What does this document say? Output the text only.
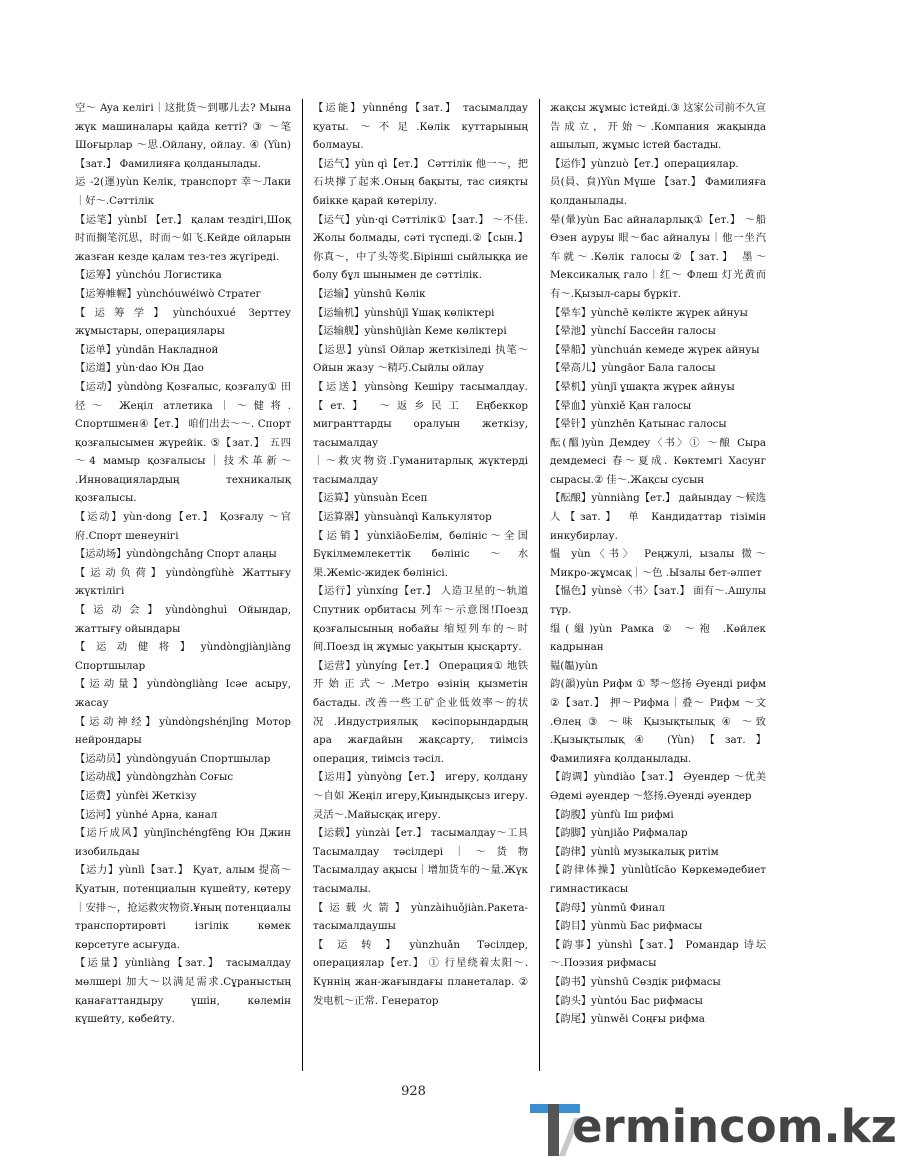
空～ Aya келігі｜这批货～到哪儿去? Мына жүк машиналары қайда кетті? ③ ～笔 Шоғырлар ～思.Ойлану, ойлау. ④ (Yùn) 【зат.】 Фамилияға қолданылады.

运 -2(運)yùn Келік, транспорт 幸～Лаки｜好～.Сәттілік

【运笔】yùnbǐ 【ет.】 қалам тездігі,Шоқ 时而搁笔沉思，时而～如飞.Кейде ойларын жазған кезде қалам тез-тез жүгіреді.

【运筹】yùnchóu Логистика

【运筹帷幄】yùnchóuwéiwò Стратег

【运筹学】yùnchóuxué Зерттеу жұмыстары, операциялары

【运单】yùndān Накладной

【运道】yùn·dao Юн Дао

【运动】yùndòng Қозғалыс, қозғалу① 田径～ Жеңіл атлетика｜～健将. Спортшмен④【ет.】 咱们出去～～. Спорт қозғалысымен жүрейік. ⑤【зат.】 五四～4 мамыр қозғалысы｜技术革新～ .Инновациялардың техникалық қозғалысы.

【运动】yùn·dong【ет.】 Қозғалу ～官府.Спорт шенеунігі

【运动场】yùndòngchǎng Спорт алаңы

【运动负荷】yùndòngfùhè Жаттығу жүктілігі

【运动会】yùndònghuì Ойындар, жаттығу ойындары

【运动健将】yùndòngjiànjiàng Спортшылар

【运动量】yùndòngliàng Ісәе асыру, жасау

【运动神经】yùndòngshénjīng Мотор нейрондары

【运动员】yùndòngyuán Спортшылар

【运动战】yùndòngzhàn Соғыс

【运费】yùnfèi Жеткізу

【运河】yùnhé Арна, канал

【运斤成风】yùnjīnchéngfēng Юн Джин изобильдаы

【运力】yùnlì【зат.】 Қуат, алым 提高～ Қуатын, потенциалын күшейту, көтеру｜安排～，抢运救灾物资.¥ның потенциалы транспортировті ізгілік көмек көрсетуге асығуда.

【运量】yùnliàng【зат.】 тасымалдау мөлшері 加大～以满足需求.Сұраныстың қанағаттандыру үшін, көлемін күшейту, көбейту.

【运能】yùnnéng【зат.】 тасымалдау қуаты. ～不足.Көлік куттарының болмауы.

【运气】yùn qì【ет.】 Сәттілік 他一～，把石块撑了起来.Оның бақыты, тас сияқты биікке қарай көтерілу.

【运气】yùn·qi Сәттілік①【зат.】 ～不佳. Жолы болмады, сәті түспеді.②【сын.】 你真～，中了头等奖.Бірінші сыйлыққа ие болу бұл шынымен де сәттілік.

【运输】yùnshū Көлік

【运输机】yùnshūjī Ұшақ көліктері

【运输舰】yùnshūjiàn Кеме көліктері

【运思】yùnsī Ойлар жеткізіледі 执笔～ Ойын жазу ～精巧.Сыйлы ойлау

【运送】yùnsòng Кешіру тасымалдау.【ет.】 ～返乡民工 Еңбеккор мигранттарды оралуын жеткізу, тасымалдау

｜～救灾物资.Гуманитарлық жүктерді тасымалдау

【运算】yùnsuàn Есеп

【运算器】yùnsuànqì Калькулятор

【运销】yùnxiāoБелім, бөлініс～全国 Бүкілмемлекеттік бөлініс ～水果.Жеміс-жидек бөлінісі.

【运行】yùnxíng【ет.】 人造卫星的～轨道 Спутник орбитасы 列车～示意图!Поезд қозғалысының нобайы 缩短列车的～时间.Поезд ің жұмыс уақытын қысқарту.

【运营】yùnyíng【ет.】 Операция① 地铁开始正式～.Метро өзінің қызметін бастады. 改善一些工矿企业低效率～的状况.Индустриялық кәсіпорындардың ара жағдайын жақсарту, тиімсіз операция, тиімсіз тәсіл.

【运用】yùnyòng【ет.】 игеру, қолдану ～自如 Жеңіл игеру,Қиындықсыз игеру. 灵活～.Майысқақ игеру.

【运载】yùnzài【ет.】 тасымалдау～工具 Тасымалдау тәсілдері｜～货物 Тасымалдау ақысы｜增加货车的～量.Жүк тасымалы.

【运载火箭】yùnzàihuǒjiàn.Ракета-тасымалдаушы

【运转】yùnzhuǎn Тәсілдер, операциялар【ет.】 ① 行星绕着太阳～. Күннің жан-жағындағы планеталар. ②发电机～正常. Генератор

жақсы жұмыс істейді.③ 这家公司前不久宣告成立，开始～.Компания жақында ашылып, жұмыс істей бастады.

【运作】yùnzuò【ет.】операциялар.

员(員、貟)Yùn Мүше 【зат.】 Фамилияға қолданылады.

晕(暈)yùn Бас айналарлық①【ет.】 ～船 Өзен ауруы 眼～бас айналуы｜他一坐汽车就～.Көлік галосы②【зат.】 墨～ Мексикалық гало｜红～ Флеш 灯光黄而有～.Қызыл-сары бүркіт.

【晕车】yùnchē көлікте жүрек айнуы

【晕池】yùnchí Бассейн галосы

【晕船】yùnchuán кемеде жүрек айнуы

【晕高儿】yùngāor Бала галосы

【晕机】yùnjī ұшақта жүрек айнуы

【晕血】yùnxiě Қан галосы

【晕针】yùnzhēn Қатынас галосы

酝(醞)yùn Демдеу〈书〉① ～酿 Сыра демдемесі 春～夏成. Көктемгі Хасунг сырасы.② 佳～.Жақсы сусын

【酝酿】yùnniàng【ет.】 дайындау ～候选人【зат.】 单 Кандидаттар тізімін инкубирлау.

愠 yùn〈书〉 Реңжулі, ызалы 微～ Микро-жұмсақ｜～色 .Ызалы бет-әлпет

【愠色】yùnsè〈书〉【зат.】 面有～.Ашулы түр.

缊(縕)yùn Рамка ② ～袍 .Көйлек кадрынан

韫(韞)yùn

韵(韻)yùn Рифм ① 琴～悠扬 Әуенді рифм ②【зат.】 押～Рифма｜叠～ Рифм ～文 .Өлең ③ ～味 Қызықтылық ④ ～致 .Қызықтылық④ (Yùn)【зат.】 Фамилияға қолданылады.

【韵调】yùndiào【зат.】 Әуендер ～优美 Әдемі әуендер ～悠扬.Әуенді әуендер

【韵腹】yùnfù Іш рифмі

【韵脚】yùnjiǎo Рифмалар

【韵律】yùnlǜ музыкалық ритім

【韵律体操】yùnlǜtǐcāo Көркемәдебиет гимнастикасы

【韵母】yùnmǔ Финал

【韵目】yùnmù Бас рифмасы

【韵事】yùnshì【зат.】 Романдар 诗坛～.Поэзия рифмасы

【韵书】yùnshū Сөздік рифмасы

【韵头】yùntóu Бас рифмасы

【韵尾】yùnwěi Соңғы рифма

928
ermincom.kz
